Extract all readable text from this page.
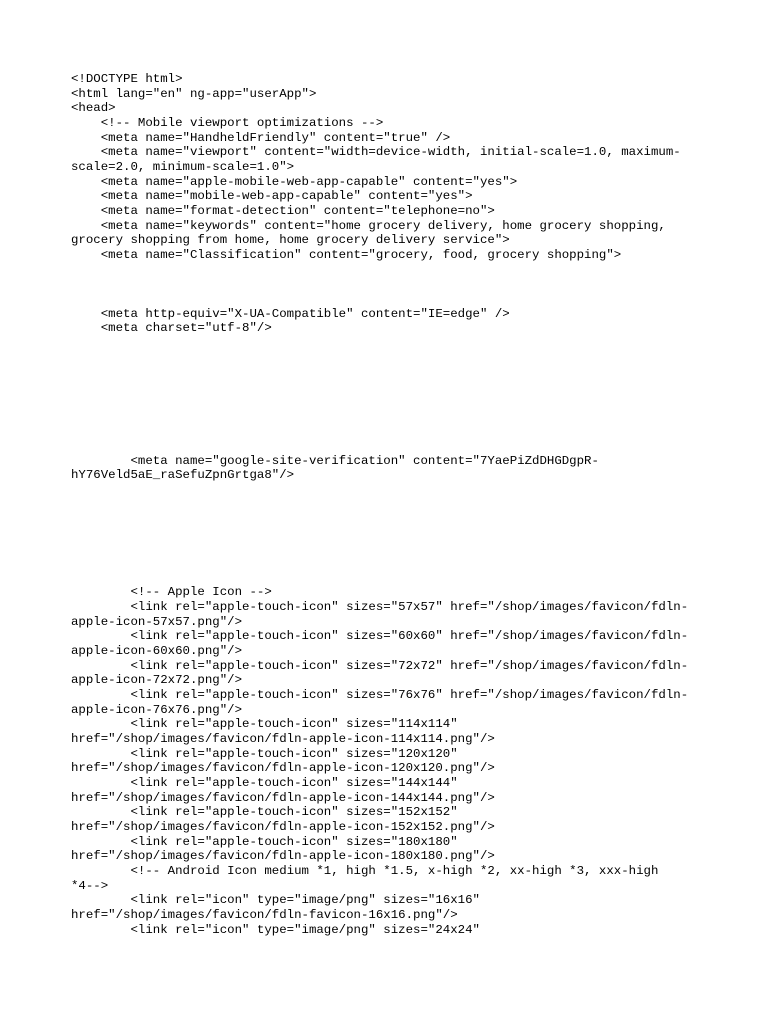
<!DOCTYPE html>
<html lang="en" ng-app="userApp">
<head>
<!-- Mobile viewport optimizations -->
<meta name="HandheldFriendly" content="true" />
<meta name="viewport" content="width=device-width, initial-scale=1.0, maximum-
scale=2.0, minimum-scale=1.0">
<meta name="apple-mobile-web-app-capable" content="yes">
<meta name="mobile-web-app-capable" content="yes">
<meta name="format-detection" content="telephone=no">
<meta name="keywords" content="home grocery delivery, home grocery shopping,
grocery shopping from home, home grocery delivery service">
<meta name="Classification" content="grocery, food, grocery shopping">
<meta http-equiv="X-UA-Compatible" content="IE=edge" />
<meta charset="utf-8"/>
<meta name="google-site-verification" content="7YaePiZdDHGDgpR-
hY76Veld5aE_raSefuZpnGrtga8"/>
<!-- Apple Icon -->
<link rel="apple-touch-icon" sizes="57x57" href="/shop/images/favicon/fdln-
apple-icon-57x57.png"/>
<link rel="apple-touch-icon" sizes="60x60" href="/shop/images/favicon/fdln-
apple-icon-60x60.png"/>
<link rel="apple-touch-icon" sizes="72x72" href="/shop/images/favicon/fdln-
apple-icon-72x72.png"/>
<link rel="apple-touch-icon" sizes="76x76" href="/shop/images/favicon/fdln-
apple-icon-76x76.png"/>
<link rel="apple-touch-icon" sizes="114x114"
href="/shop/images/favicon/fdln-apple-icon-114x114.png"/>
<link rel="apple-touch-icon" sizes="120x120"
href="/shop/images/favicon/fdln-apple-icon-120x120.png"/>
<link rel="apple-touch-icon" sizes="144x144"
href="/shop/images/favicon/fdln-apple-icon-144x144.png"/>
<link rel="apple-touch-icon" sizes="152x152"
href="/shop/images/favicon/fdln-apple-icon-152x152.png"/>
<link rel="apple-touch-icon" sizes="180x180"
href="/shop/images/favicon/fdln-apple-icon-180x180.png"/>
<!-- Android Icon medium *1, high *1.5, x-high *2, xx-high *3, xxx-high
*4-->
<link rel="icon" type="image/png" sizes="16x16"
href="/shop/images/favicon/fdln-favicon-16x16.png"/>
<link rel="icon" type="image/png" sizes="24x24"
